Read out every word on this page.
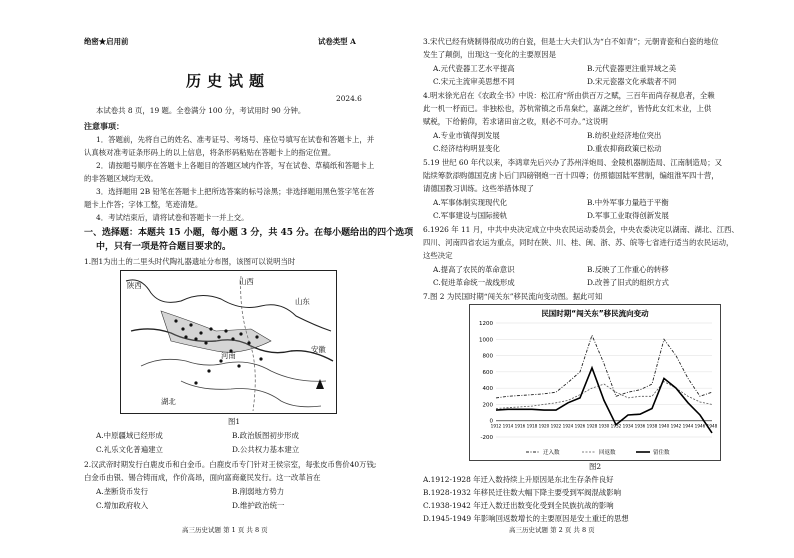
绝密★启用前	试卷类型 A
历史试题
2024.6
本试卷共 8 页，19 题。全卷满分 100 分，考试用时 90 分钟。
注意事项：
1．答题前，先将自己的姓名、准考证号、考场号、座位号填写在试卷和答题卡上，并
认真核对准考证条形码上的以上信息，将条形码粘贴在答题卡上的指定位置。
2．请按题号顺序在答题卡上各题目的答题区域内作答，写在试卷、草稿纸和答题卡上
的非答题区域均无效。
3．选择题用 2B 铅笔在答题卡上把所选答案的标号涂黑；非选择题用黑色签字笔在答
题卡上作答；字体工整，笔迹清楚。
4．考试结束后，请将试卷和答题卡一并上交。
一、选择题：本题共 15 小题，每小题 3 分，共 45 分。在每小题给出的四个选项
中，只有一项是符合题目要求的。
1.图1为出土的二里头时代陶礼器遗址分布图，该图可以说明当时
山西
山东
河南
安徽
陕西
湖北
图1
A.中原疆域已经形成	B.政治版图初步形成
C.礼乐文化普遍建立	D.公共权力基本建立
2.汉武帝时期发行白鹿皮币和白金币。白鹿皮币专门针对王侯宗室，每张皮币售价40万钱;
白金币由银、锡合铸而成，作价高昂，面向富商豪民发行。这一改革旨在
A.垄断货币发行	B.削弱地方势力
C.增加政府收入	D.维护政治统一
高三历史试题 第 1 页 共 8 页
3.宋代已经有烧制得很成功的白瓷，但是士大夫们认为“白不如青”；元朝青瓷和白瓷的地位
发生了颠倒，出现这一变化的主要原因是
A.元代瓷器工艺水平提高	B.元代瓷器更注重异域之美
C.宋元主流审美思想不同	D.宋元瓷器文化承载者不同
4.明末徐光启在《农政全书》中说：松江府“所由供百万之赋，三百年而尚存视息者，全赖
此一机一杼而已。非独松也，苏杭常镇之币帛枲纻，嘉湖之丝纩，皆恃此女红末业，上供
赋税，下给俯仰，若求诸田亩之收，则必不可办。”这说明
A.专业市镇得到发展	B.纺织业经济地位突出
C.经济结构明显变化	D.重农抑商政策已松动
5.19 世纪 60 年代以来，李鸿章先后兴办了苏州洋炮局、金陵机器制造局、江南制造局；又
陆续筹款添购德国克虏卜后门四磅钢炮一百十四尊；仿照德国陆军营制，编组淮军四十营，
请德国教习训练。这些举措体现了
A.军事体制实现现代化	B.中外军事力量趋于平衡
C.军事建设与国际接轨	D.军事工业取得创新发展
6.1926 年 11 月，中共中央决定成立中央农民运动委员会，中央农委决定以湖南、湖北、江西、
四川、河南四省农运为重点，同时在陕、川、桂、闽、浙、苏、皖等七省进行适当的农民运动，
这些决定
A.提高了农民的革命意识	B.反映了工作重心的转移
C.促进革命统一战线形成	D.改善了旧式的组织方式
7.图 2 为民国时期“闯关东”移民流向变动图。据此可知
民国时期“闯关东”移民流向变动
1200
1000
800
600
400
200
0
-200
1912 1914 1916 1918 1920 1922 1924 1926 1928 1930 1932 1934 1936 1938 1940 1942 1944 1946 1948
迁入数	回返数	留住数
图2
A.1912-1928 年迁入数持续上升原因是东北生存条件良好
B.1928-1932 年移民迁往数大幅下降主要受到军阀混战影响
C.1938-1942 年迁入数迁出数变化受到全民族抗战的影响
D.1945-1949 年影响回返数增长的主要原因是安土重迁的思想
高三历史试题 第 2 页 共 8 页
